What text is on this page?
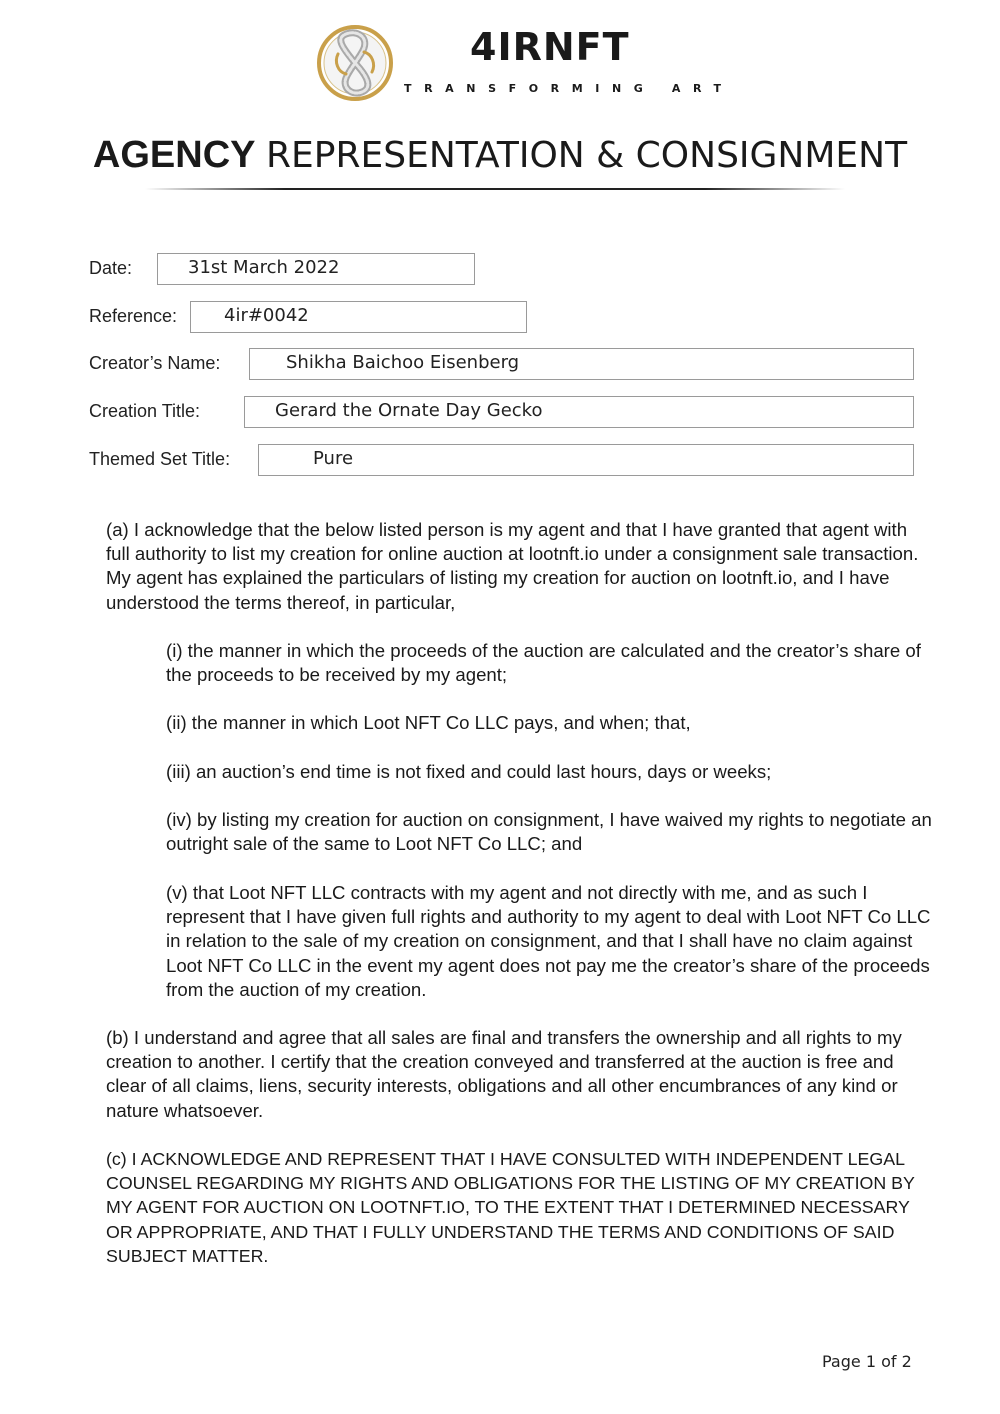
4IRNFT
TRANSFORMING ART
AGENCY REPRESENTATION & CONSIGNMENT
Date:	31st March 2022
Reference:	4ir#0042
Creator’s Name:	Shikha Baichoo Eisenberg
Creation Title:	Gerard the Ornate Day Gecko
Themed Set Title:	Pure

(a) I acknowledge that the below listed person is my agent and that I have granted that agent with full authority to list my creation for online auction at lootnft.io under a consignment sale transaction. My agent has explained the particulars of listing my creation for auction on lootnft.io, and I have understood the terms thereof, in particular,

(i) the manner in which the proceeds of the auction are calculated and the creator’s share of the proceeds to be received by my agent;

(ii) the manner in which Loot NFT Co LLC pays, and when; that,

(iii) an auction’s end time is not fixed and could last hours, days or weeks;

(iv) by listing my creation for auction on consignment, I have waived my rights to negotiate an outright sale of the same to Loot NFT Co LLC; and

(v) that Loot NFT LLC contracts with my agent and not directly with me, and as such I represent that I have given full rights and authority to my agent to deal with Loot NFT Co LLC in relation to the sale of my creation on consignment, and that I shall have no claim against Loot NFT Co LLC in the event my agent does not pay me the creator’s share of the proceeds from the auction of my creation.

(b) I understand and agree that all sales are final and transfers the ownership and all rights to my creation to another. I certify that the creation conveyed and transferred at the auction is free and clear of all claims, liens, security interests, obligations and all other encumbrances of any kind or nature whatsoever.

(c) I ACKNOWLEDGE AND REPRESENT THAT I HAVE CONSULTED WITH INDEPENDENT LEGAL COUNSEL REGARDING MY RIGHTS AND OBLIGATIONS FOR THE LISTING OF MY CREATION BY MY AGENT FOR AUCTION ON LOOTNFT.IO, TO THE EXTENT THAT I DETERMINED NECESSARY OR APPROPRIATE, AND THAT I FULLY UNDERSTAND THE TERMS AND CONDITIONS OF SAID SUBJECT MATTER.

Page 1 of 2
